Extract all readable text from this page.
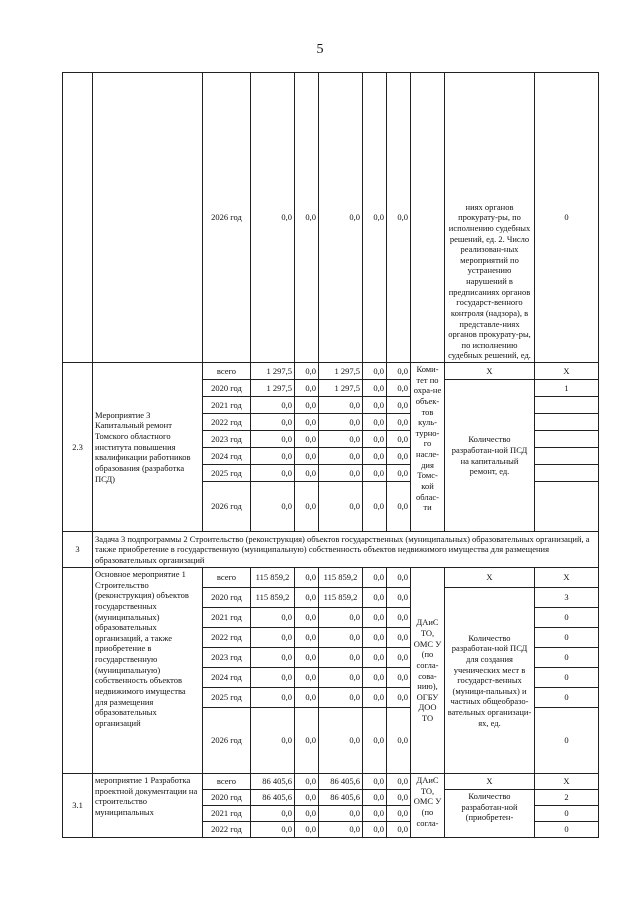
5
		2026 год	0,0	0,0	0,0	0,0	0,0		ниях органов прокурату-ры, по исполнению судебных решений, ед. 2. Число реализован-ных мероприятий по устранению нарушений в предписаниях органов государст-венного контроля (надзора), в представле-ниях органов прокурату-ры, по исполнению судебных решений, ед.	0
2.3	Мероприятие 3 Капитальный ремонт Томского областного института повышения квалификации работников образования (разработка ПСД)	всего	1 297,5	0,0	1 297,5	0,0	0,0	Коми-тет по охра-не объек-тов куль-турно-го насле-дия Томс-кой облас-ти	X	X
		2020 год	1 297,5	0,0	1 297,5	0,0	0,0		Количество разработан-ной ПСД на капитальный ремонт, ед.	1
		2021 год	0,0	0,0	0,0	0,0	0,0			
		2022 год	0,0	0,0	0,0	0,0	0,0			
		2023 год	0,0	0,0	0,0	0,0	0,0			
		2024 год	0,0	0,0	0,0	0,0	0,0			
		2025 год	0,0	0,0	0,0	0,0	0,0			
		2026 год	0,0	0,0	0,0	0,0	0,0			
3	Задача 3 подпрограммы 2 Строительство (реконструкция) объектов государственных (муниципальных) образовательных организаций, а также приобретение в государственную (муниципальную) собственность объектов недвижимого имущества для размещения образовательных организаций									
	Основное мероприятие 1 Строительство (реконструкция) объектов государственных (муниципальных) образовательных организаций, а также приобретение в государственную (муниципальную) собственность объектов недвижимого имущества для размещения образовательных организаций	всего	115 859,2	0,0	115 859,2	0,0	0,0	ДАиС ТО, ОМС У (по согла-сова-нию), ОГБУ ДОО ТО	X	X
		2020 год	115 859,2	0,0	115 859,2	0,0	0,0		Количество разработан-ной ПСД для создания ученических мест в государст-венных (муници-пальных) и частных общеобразо-вательных организаци-ях, ед.	3
		2021 год	0,0	0,0	0,0	0,0	0,0			0
		2022 год	0,0	0,0	0,0	0,0	0,0			0
		2023 год	0,0	0,0	0,0	0,0	0,0			0
		2024 год	0,0	0,0	0,0	0,0	0,0			0
		2025 год	0,0	0,0	0,0	0,0	0,0			0
		2026 год	0,0	0,0	0,0	0,0	0,0			0
3.1	мероприятие 1 Разработка проектной документации на строительство муниципальных	всего	86 405,6	0,0	86 405,6	0,0	0,0	ДАиС ТО, ОМС У (по согла-	X	X
		2020 год	86 405,6	0,0	86 405,6	0,0	0,0		Количество разработан-ной (приобретен-	2
		2021 год	0,0	0,0	0,0	0,0	0,0			0
		2022 год	0,0	0,0	0,0	0,0	0,0			0
